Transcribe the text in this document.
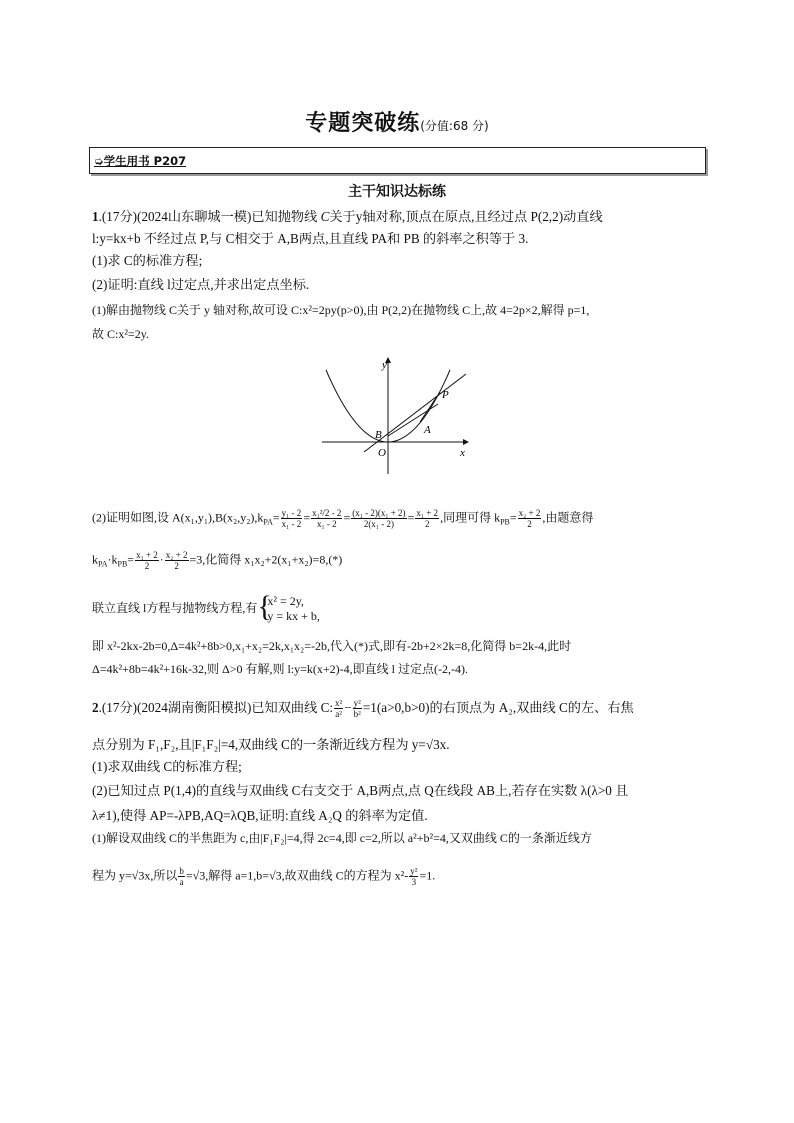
专题突破练(分值:68 分)
➭学生用书 P207
主干知识达标练
1.(17分)(2024山东聊城一模)已知抛物线 C关于y轴对称,顶点在原点,且经过点 P(2,2)动直线
l:y=kx+b 不经过点 P,与 C相交于 A,B两点,且直线 PA和 PB 的斜率之积等于 3.
(1)求 C的标准方程;
(2)证明:直线 l过定点,并求出定点坐标.
(1)解由抛物线 C关于 y 轴对称,故可设 C:x²=2py(p>0),由 P(2,2)在抛物线 C上,故 4=2p×2,解得 p=1,
故 C:x²=2y.
y
x
O
P
A
B
(2)证明如图,设 $A(x_1,y_1),B(x_2,y_2),k_{PA}= \frac{\text{y₁ - 2}}{\text{x₁ - 2}} = \frac{\text{x₁²/2 - 2}}{\text{x₁ - 2}} = \frac{\text{(x₁ - 2)(x₁ + 2)}}{\text{2(x₁ - 2)}} = \frac{\text{x₁ + 2}}{2}$ ,同理可得 $k_{PB}= \frac{\text{x₂ + 2}}{2}$ ,由题意得
$k_{PA}\cdot k_{PB}= \frac{\text{x₁ + 2}}{2} \cdot \frac{\text{x₂ + 2}}{2} =3$,化简得 x₁x₂+2(x₁+x₂)=8,(*)
联立直线 l方程与抛物线方程,有 {
x² = 2y,
y = kx + b,
即 x²-2kx-2b=0,Δ=4k²+8b>0,x₁+x₂=2k,x₁x₂=-2b,代入(*)式,即有-2b+2×2k=8,化简得 b=2k-4,此时
Δ=4k²+8b=4k²+16k-32,则 Δ>0 有解,则 l:y=k(x+2)-4,即直线 l 过定点(-2,-4).
2.(17分)(2024湖南衡阳模拟)已知双曲线 C: $\frac{\text{x²}}{\text{a²}} - \frac{\text{y²}}{\text{b²}} =1(a>0,b>0)$的右顶点为 A₂,双曲线 C的左、右焦
点分别为 F₁,F₂,且|F₁F₂|=4,双曲线 C的一条渐近线方程为 y=√3x.
(1)求双曲线 C的标准方程;
(2)已知过点 P(1,4)的直线与双曲线 C右支交于 A,B两点,点 Q在线段 AB上,若存在实数 λ(λ>0 且
λ≠1),使得 AP=-λPB,AQ=λQB,证明:直线 A₂Q 的斜率为定值.
(1)解设双曲线 C的半焦距为 c,由|F₁F₂|=4,得 2c=4,即 c=2,所以 a²+b²=4,又双曲线 C的一条渐近线方
程为 y=√3x,所以 $\frac{b}{a} =√3$,解得 a=1,b=√3,故双曲线 C的方程为 $x^2- \frac{\text{y²}}{3} =1$.
